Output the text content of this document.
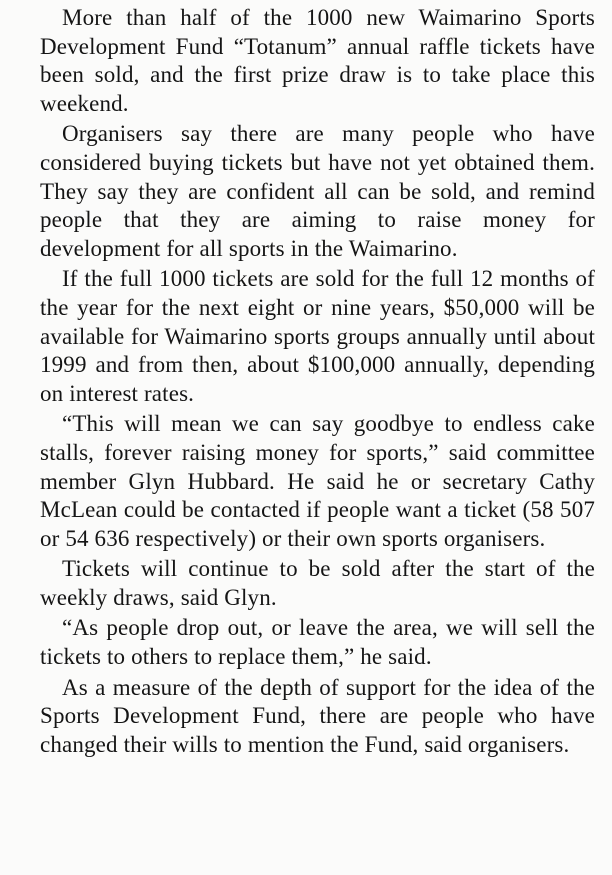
More than half of the 1000 new Waimarino Sports Development Fund “Totanum” annual raffle tickets have been sold, and the first prize draw is to take place this weekend.

Organisers say there are many people who have considered buying tickets but have not yet obtained them. They say they are confident all can be sold, and remind people that they are aiming to raise money for development for all sports in the Waimarino.

If the full 1000 tickets are sold for the full 12 months of the year for the next eight or nine years, $50,000 will be available for Waimarino sports groups annually until about 1999 and from then, about $100,000 annually, depending on interest rates.

“This will mean we can say goodbye to endless cake stalls, forever raising money for sports,” said committee member Glyn Hubbard. He said he or secretary Cathy McLean could be contacted if people want a ticket (58 507 or 54 636 respectively) or their own sports organisers.

Tickets will continue to be sold after the start of the weekly draws, said Glyn.

“As people drop out, or leave the area, we will sell the tickets to others to replace them,” he said.

As a measure of the depth of support for the idea of the Sports Development Fund, there are people who have changed their wills to mention the Fund, said organisers.
